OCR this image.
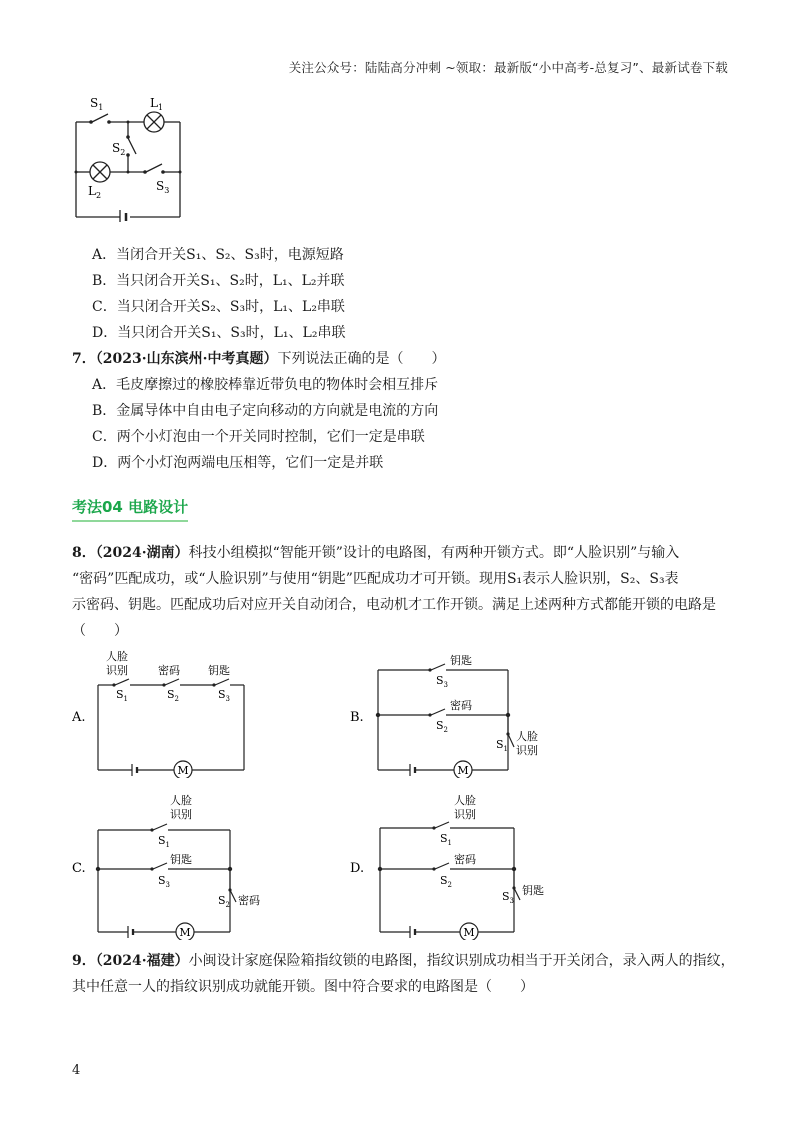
关注公众号：陆陆高分冲刺 ~领取：最新版“小中高考-总复习”、最新试卷下载
$S_1$	$L_1$
$S_2$
$L_2$
$S_3$
A．当闭合开关S₁、S₂、S₃时，电源短路
B．当只闭合开关S₁、S₂时，L₁、L₂并联
C．当只闭合开关S₂、S₃时，L₁、L₂串联
D．当只闭合开关S₁、S₃时，L₁、L₂串联
7．（2023·山东滨州·中考真题）下列说法正确的是（　　）
A．毛皮摩擦过的橡胶棒靠近带负电的物体时会相互排斥
B．金属导体中自由电子定向移动的方向就是电流的方向
C．两个小灯泡由一个开关同时控制，它们一定是串联
D．两个小灯泡两端电压相等，它们一定是并联
考法04 电路设计
8．（2024·湖南）科技小组模拟“智能开锁”设计的电路图，有两种开锁方式。即“人脸识别”与输入
“密码”匹配成功，或“人脸识别”与使用“钥匙”匹配成功才可开锁。现用S₁表示人脸识别，S₂、S₃表
示密码、钥匙。匹配成功后对应开关自动闭合，电动机才工作开锁。满足上述两种方式都能开锁的电路是
（　　）
A.
M
人脸
识别
$S_1$
密码
$S_2$
钥匙
$S_3$
B.
M
钥匙
$S_3$
密码
$S_2$
$S_1$
人脸
识别
C.
M
人脸
识别
$S_1$
钥匙
$S_3$
$S_2$ 密码
D.
M
人脸
识别
$S_1$
密码
$S_2$
$S_3$
钥匙
9．（2024·福建）小闽设计家庭保险箱指纹锁的电路图，指纹识别成功相当于开关闭合，录入两人的指纹，
其中任意一人的指纹识别成功就能开锁。图中符合要求的电路图是（　　）
4
